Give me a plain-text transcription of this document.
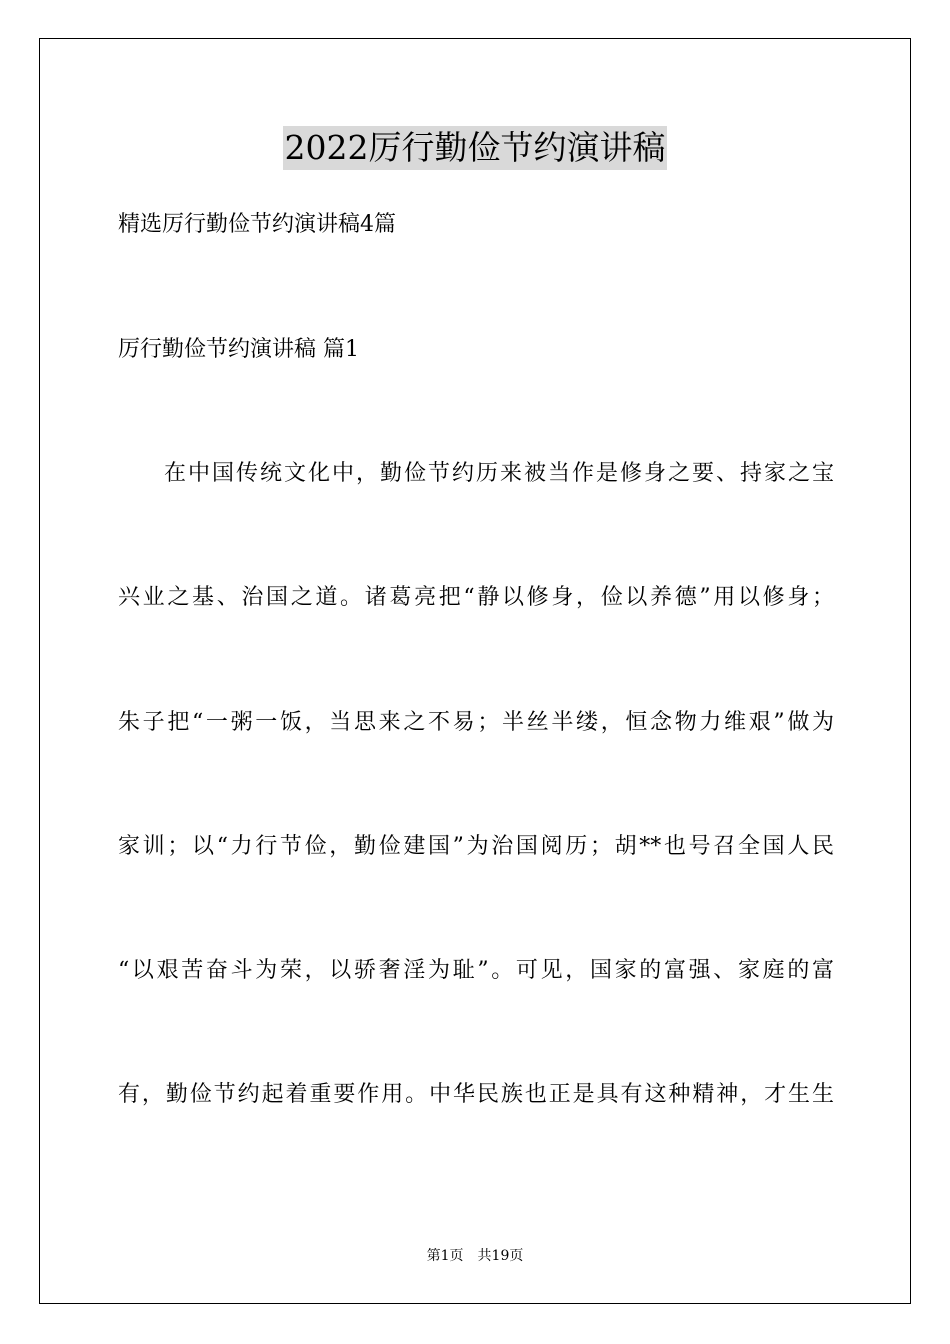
2022厉行勤俭节约演讲稿

精选厉行勤俭节约演讲稿4篇

厉行勤俭节约演讲稿 篇1

在中国传统文化中，勤俭节约历来被当作是修身之要、持家之宝

兴业之基、治国之道。诸葛亮把“静以修身，俭以养德”用以修身；

朱子把“一粥一饭，当思来之不易；半丝半缕，恒念物力维艰”做为

家训；以“力行节俭，勤俭建国”为治国阅历；胡**也号召全国人民

“以艰苦奋斗为荣，以骄奢淫为耻”。可见，国家的富强、家庭的富

有，勤俭节约起着重要作用。中华民族也正是具有这种精神，才生生

第1页 共19页
